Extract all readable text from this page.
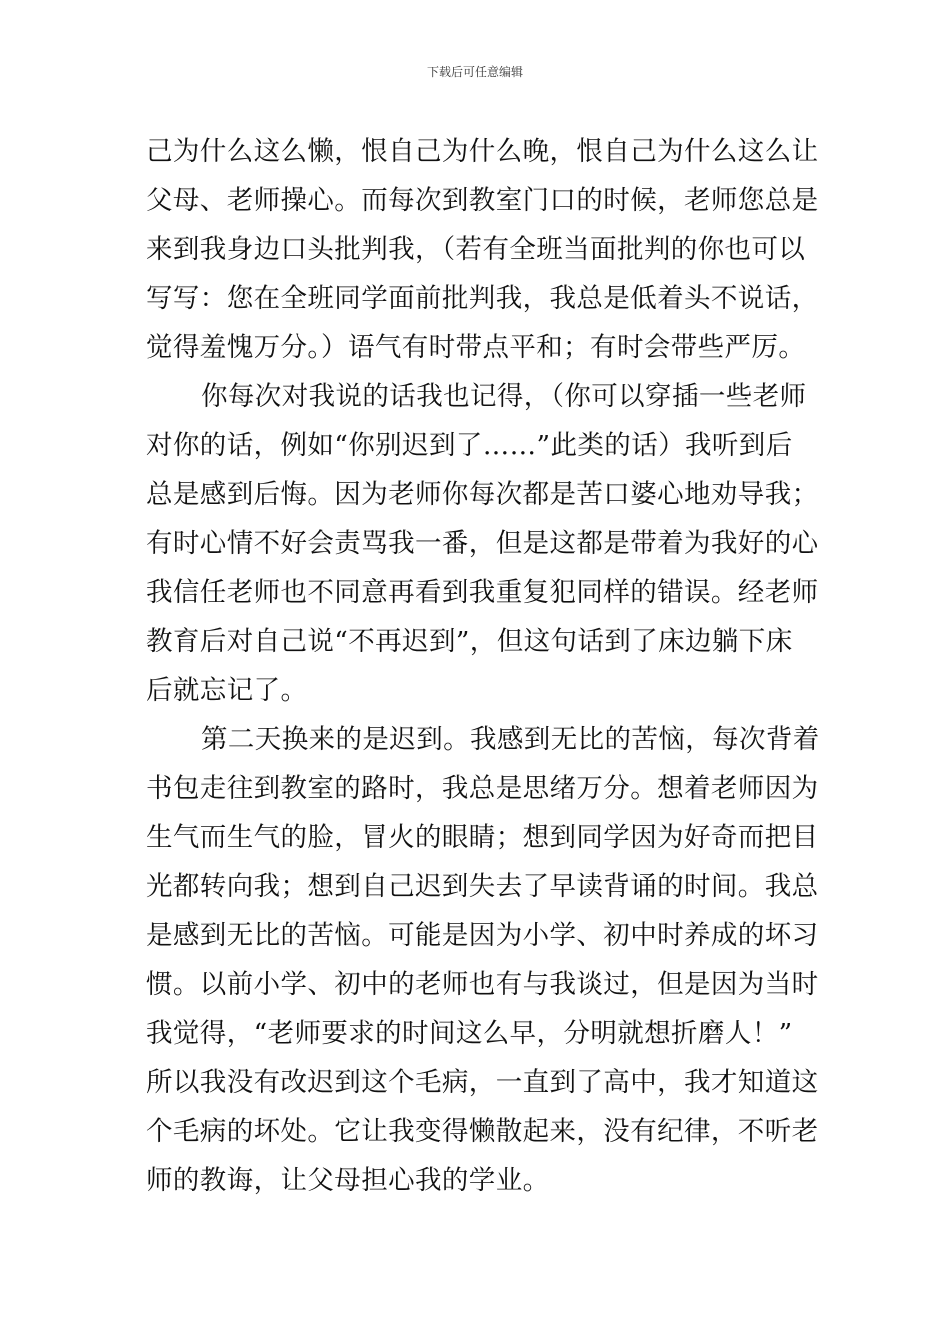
下载后可任意编辑
己为什么这么懒，恨自己为什么晚，恨自己为什么这么让
父母、老师操心。而每次到教室门口的时候，老师您总是
来到我身边口头批判我，（若有全班当面批判的你也可以
写写：您在全班同学面前批判我，我总是低着头不说话，
觉得羞愧万分。）语气有时带点平和；有时会带些严厉。
你每次对我说的话我也记得，（你可以穿插一些老师
对你的话，例如“你别迟到了……”此类的话）我听到后
总是感到后悔。因为老师你每次都是苦口婆心地劝导我；
有时心情不好会责骂我一番，但是这都是带着为我好的心
我信任老师也不同意再看到我重复犯同样的错误。经老师
教育后对自己说“不再迟到”，但这句话到了床边躺下床
后就忘记了。
第二天换来的是迟到。我感到无比的苦恼，每次背着
书包走往到教室的路时，我总是思绪万分。想着老师因为
生气而生气的脸，冒火的眼睛；想到同学因为好奇而把目
光都转向我；想到自己迟到失去了早读背诵的时间。我总
是感到无比的苦恼。可能是因为小学、初中时养成的坏习
惯。以前小学、初中的老师也有与我谈过，但是因为当时
我觉得，“老师要求的时间这么早，分明就想折磨人！”
所以我没有改迟到这个毛病，一直到了高中，我才知道这
个毛病的坏处。它让我变得懒散起来，没有纪律，不听老
师的教诲，让父母担心我的学业。
